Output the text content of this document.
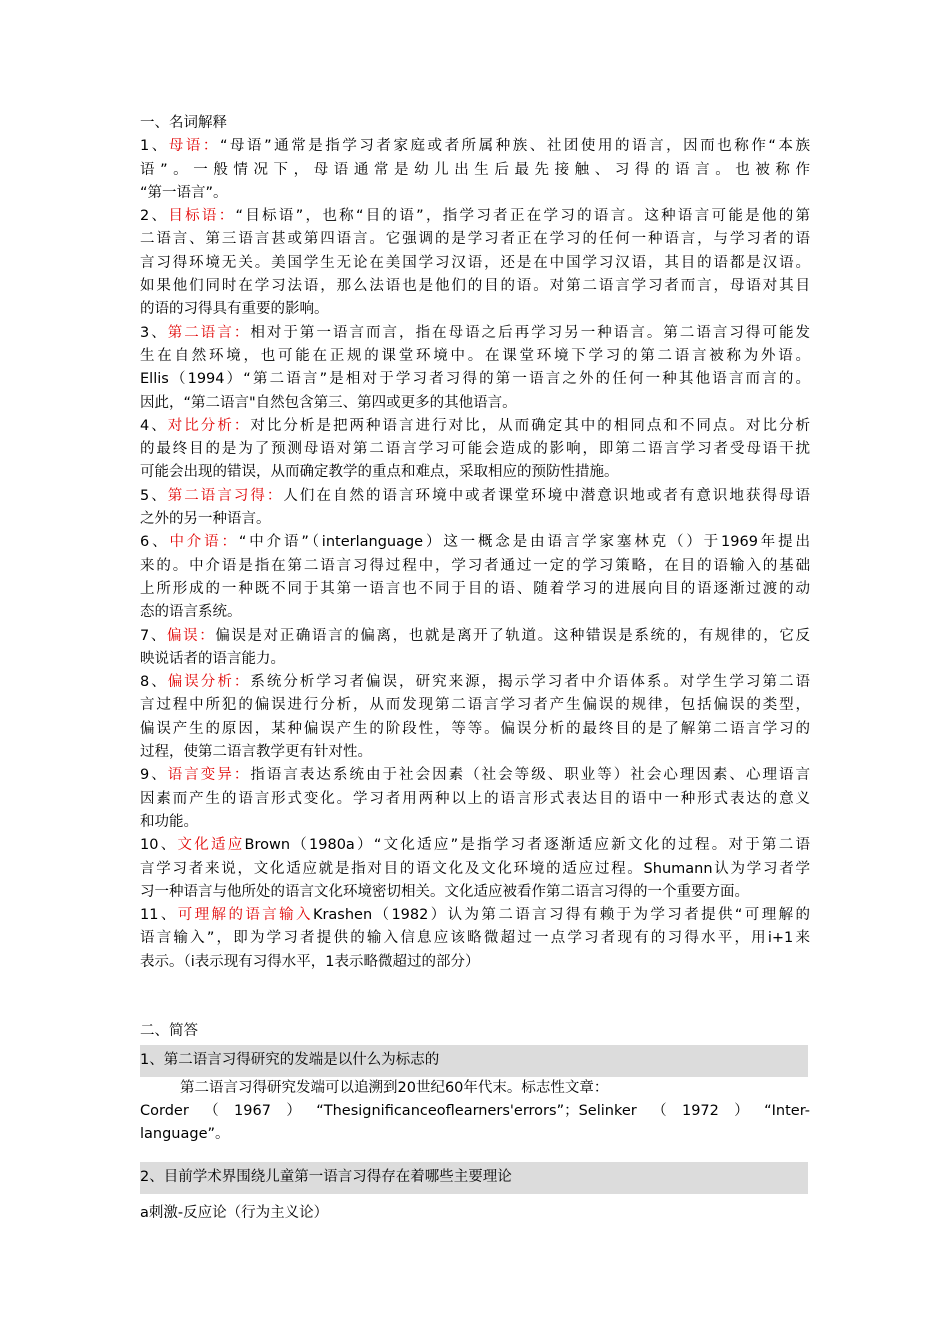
一、名词解释
1、母语：“母语”通常是指学习者家庭或者所属种族、社团使用的语言，因而也称作“本族
语”。一般情况下，母语通常是幼儿出生后最先接触、习得的语言。也被称作
“第一语言”。
2、目标语：“目标语”，也称“目的语”，指学习者正在学习的语言。这种语言可能是他的第
二语言、第三语言甚或第四语言。它强调的是学习者正在学习的任何一种语言，与学习者的语
言习得环境无关。美国学生无论在美国学习汉语，还是在中国学习汉语，其目的语都是汉语。
如果他们同时在学习法语，那么法语也是他们的目的语。对第二语言学习者而言，母语对其目
的语的习得具有重要的影响。
3、第二语言：相对于第一语言而言，指在母语之后再学习另一种语言。第二语言习得可能发
生在自然环境，也可能在正规的课堂环境中。在课堂环境下学习的第二语言被称为外语。
Ellis（1994）“第二语言”是相对于学习者习得的第一语言之外的任何一种其他语言而言的。
因此，“第二语言"自然包含第三、第四或更多的其他语言。
4、对比分析：对比分析是把两种语言进行对比，从而确定其中的相同点和不同点。对比分析
的最终目的是为了预测母语对第二语言学习可能会造成的影响，即第二语言学习者受母语干扰
可能会出现的错误，从而确定教学的重点和难点，采取相应的预防性措施。
5、第二语言习得：人们在自然的语言环境中或者课堂环境中潜意识地或者有意识地获得母语
之外的另一种语言。
6、中介语：“中介语”（interlanguage）这一概念是由语言学家塞林克（）于1969年提出
来的。中介语是指在第二语言习得过程中，学习者通过一定的学习策略，在目的语输入的基础
上所形成的一种既不同于其第一语言也不同于目的语、随着学习的进展向目的语逐渐过渡的动
态的语言系统。
7、偏误：偏误是对正确语言的偏离，也就是离开了轨道。这种错误是系统的，有规律的，它反
映说话者的语言能力。
8、偏误分析：系统分析学习者偏误，研究来源，揭示学习者中介语体系。对学生学习第二语
言过程中所犯的偏误进行分析，从而发现第二语言学习者产生偏误的规律，包括偏误的类型，
偏误产生的原因，某种偏误产生的阶段性，等等。偏误分析的最终目的是了解第二语言学习的
过程，使第二语言教学更有针对性。
9、语言变异：指语言表达系统由于社会因素（社会等级、职业等）社会心理因素、心理语言
因素而产生的语言形式变化。学习者用两种以上的语言形式表达目的语中一种形式表达的意义
和功能。
10、文化适应Brown（1980a）“文化适应”是指学习者逐渐适应新文化的过程。对于第二语
言学习者来说，文化适应就是指对目的语文化及文化环境的适应过程。Shumann认为学习者学
习一种语言与他所处的语言文化环境密切相关。文化适应被看作第二语言习得的一个重要方面。
11、可理解的语言输入Krashen（1982）认为第二语言习得有赖于为学习者提供“可理解的
语言输入”，即为学习者提供的输入信息应该略微超过一点学习者现有的习得水平，用i+1来
表示。（i表示现有习得水平，1表示略微超过的部分）
二、简答
1、第二语言习得研究的发端是以什么为标志的
第二语言习得研究发端可以追溯到20世纪60年代末。标志性文章：
Corder（1967）“Thesignificanceoflearners'errors”；Selinker（1972）“Inter-
language”。
2、目前学术界围绕儿童第一语言习得存在着哪些主要理论
a刺激-反应论（行为主义论）
